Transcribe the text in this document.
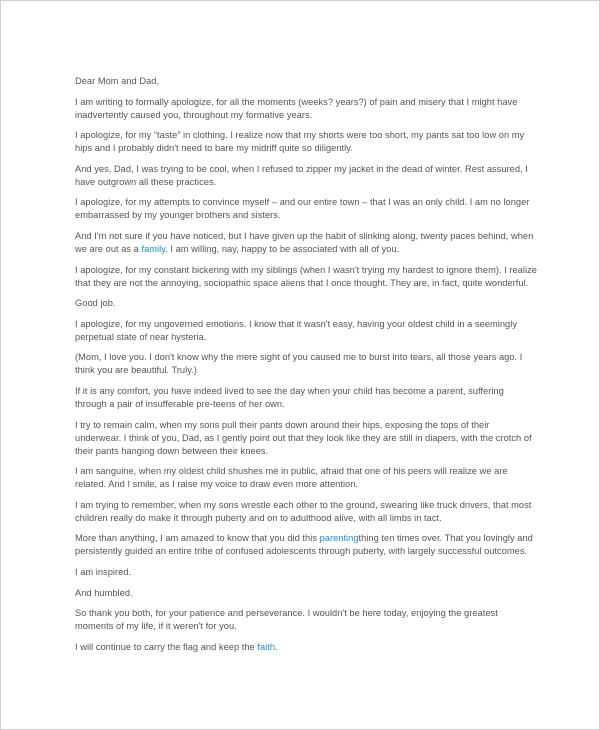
Dear Mom and Dad,

I am writing to formally apologize, for all the moments (weeks? years?) of pain and misery that I might have inadvertently caused you, throughout my formative years.

I apologize, for my “taste” in clothing. I realize now that my shorts were too short, my pants sat too low on my hips and I probably didn't need to bare my midriff quite so diligently.

And yes, Dad, I was trying to be cool, when I refused to zipper my jacket in the dead of winter. Rest assured, I have outgrown all these practices.

I apologize, for my attempts to convince myself – and our entire town – that I was an only child. I am no longer embarrassed by my younger brothers and sisters.

And I'm not sure if you have noticed, but I have given up the habit of slinking along, twenty paces behind, when we are out as a family. I am willing, nay, happy to be associated with all of you.

I apologize, for my constant bickering with my siblings (when I wasn't trying my hardest to ignore them). I realize that they are not the annoying, sociopathic space aliens that I once thought. They are, in fact, quite wonderful.

Good job.

I apologize, for my ungoverned emotions. I know that it wasn't easy, having your oldest child in a seemingly perpetual state of near hysteria.

(Mom, I love you. I don't know why the mere sight of you caused me to burst into tears, all those years ago. I think you are beautiful. Truly.)

If it is any comfort, you have indeed lived to see the day when your child has become a parent, suffering through a pair of insufferable pre-teens of her own.

I try to remain calm, when my sons pull their pants down around their hips, exposing the tops of their underwear. I think of you, Dad, as I gently point out that they look like they are still in diapers, with the crotch of their pants hanging down between their knees.

I am sanguine, when my oldest child shushes me in public, afraid that one of his peers will realize we are related. And I smile, as I raise my voice to draw even more attention.

I am trying to remember, when my sons wrestle each other to the ground, swearing like truck drivers, that most children really do make it through puberty and on to adulthood alive, with all limbs in tact.

More than anything, I am amazed to know that you did this parentingthing ten times over. That you lovingly and persistently guided an entire tribe of confused adolescents through puberty, with largely successful outcomes.

I am inspired.

And humbled.

So thank you both, for your patience and perseverance. I wouldn't be here today, enjoying the greatest moments of my life, if it weren't for you.

I will continue to carry the flag and keep the faith.
